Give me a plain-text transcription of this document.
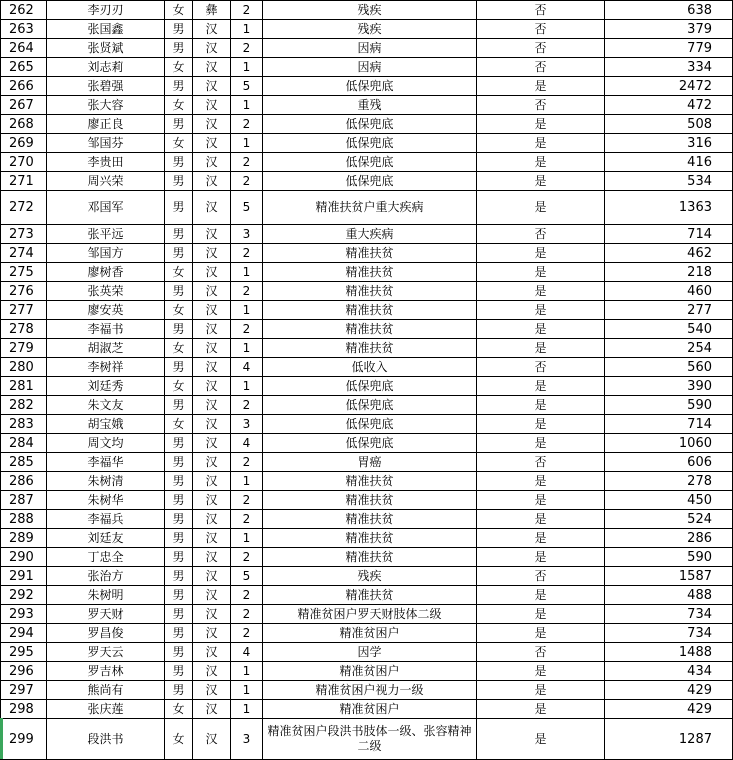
262	李刃刃	女	彝	2	残疾	否	638
263	张国鑫	男	汉	1	残疾	否	379
264	张贤斌	男	汉	2	因病	否	779
265	刘志莉	女	汉	1	因病	否	334
266	张碧强	男	汉	5	低保兜底	是	2472
267	张大容	女	汉	1	重残	否	472
268	廖正良	男	汉	2	低保兜底	是	508
269	邹国芬	女	汉	1	低保兜底	是	316
270	李贵田	男	汉	2	低保兜底	是	416
271	周兴荣	男	汉	2	低保兜底	是	534
272	邓国军	男	汉	5	精准扶贫户重大疾病	是	1363
273	张平远	男	汉	3	重大疾病	否	714
274	邹国方	男	汉	2	精准扶贫	是	462
275	廖树香	女	汉	1	精准扶贫	是	218
276	张英荣	男	汉	2	精准扶贫	是	460
277	廖安英	女	汉	1	精准扶贫	是	277
278	李福书	男	汉	2	精准扶贫	是	540
279	胡淑芝	女	汉	1	精准扶贫	是	254
280	李树祥	男	汉	4	低收入	否	560
281	刘廷秀	女	汉	1	低保兜底	是	390
282	朱文友	男	汉	2	低保兜底	是	590
283	胡宝娥	女	汉	3	低保兜底	是	714
284	周文均	男	汉	4	低保兜底	是	1060
285	李福华	男	汉	2	胃癌	否	606
286	朱树清	男	汉	1	精准扶贫	是	278
287	朱树华	男	汉	2	精准扶贫	是	450
288	李福兵	男	汉	2	精准扶贫	是	524
289	刘廷友	男	汉	1	精准扶贫	是	286
290	丁忠全	男	汉	2	精准扶贫	是	590
291	张治方	男	汉	5	残疾	否	1587
292	朱树明	男	汉	2	精准扶贫	是	488
293	罗天财	男	汉	2	精准贫困户罗天财肢体二级	是	734
294	罗昌俊	男	汉	2	精准贫困户	是	734
295	罗天云	男	汉	4	因学	否	1488
296	罗吉林	男	汉	1	精准贫困户	是	434
297	熊尚有	男	汉	1	精准贫困户视力一级	是	429
298	张庆莲	女	汉	1	精准贫困户	是	429
299	段洪书	女	汉	3	精准贫困户段洪书肢体一级、张容精神二级	是	1287
